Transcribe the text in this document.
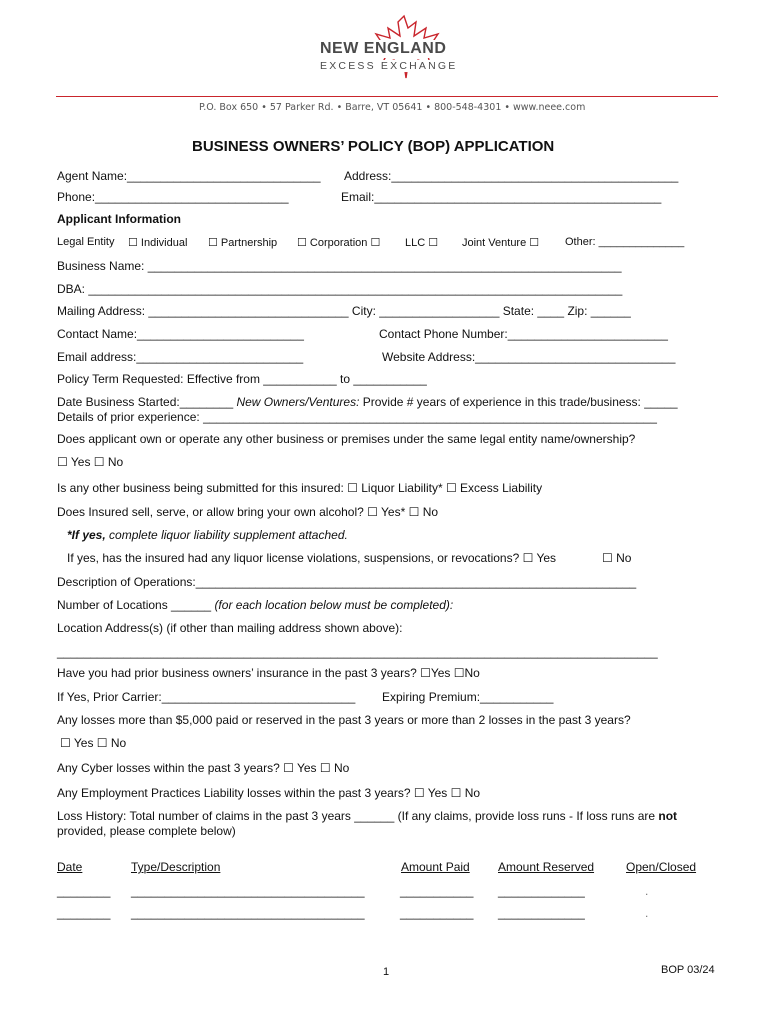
NEW ENGLAND
EXCESS EXCHANGE
P.O. Box 650 • 57 Parker Rd. • Barre, VT 05641 • 800-548-4301 • www.neee.com
BUSINESS OWNERS’ POLICY (BOP) APPLICATION
Agent Name:_____________________________ Address:___________________________________________
Phone:_____________________________	Email:___________________________________________
Applicant Information
Legal Entity ☐ Individual ☐ Partnership ☐ Corporation ☐ LLC ☐ Joint Venture ☐ Other: ______________
Business Name: _______________________________________________________________________
DBA: ________________________________________________________________________________
Mailing Address: ______________________________ City: __________________ State: ____ Zip: ______
Contact Name:_________________________	Contact Phone Number:________________________
Email address:_________________________	Website Address:______________________________
Policy Term Requested: Effective from ___________ to ___________
Date Business Started:________ New Owners/Ventures: Provide # years of experience in this trade/business: _____
Details of prior experience: ____________________________________________________________________
Does applicant own or operate any other business or premises under the same legal entity name/ownership?
☐ Yes ☐ No
Is any other business being submitted for this insured: ☐ Liquor Liability* ☐ Excess Liability
Does Insured sell, serve, or allow bring your own alcohol? ☐ Yes* ☐ No
*If yes, complete liquor liability supplement attached.
If yes, has the insured had any liquor license violations, suspensions, or revocations? ☐ Yes	☐ No
Description of Operations:__________________________________________________________________
Number of Locations ______ (for each location below must be completed):
Location Address(s) (if other than mailing address shown above):
__________________________________________________________________________________________
Have you had prior business owners’ insurance in the past 3 years? ☐Yes ☐No
If Yes, Prior Carrier:_____________________________ Expiring Premium:___________
Any losses more than $5,000 paid or reserved in the past 3 years or more than 2 losses in the past 3 years?
☐ Yes ☐ No
Any Cyber losses within the past 3 years? ☐ Yes ☐ No
Any Employment Practices Liability losses within the past 3 years? ☐ Yes ☐ No
Loss History: Total number of claims in the past 3 years ______ (If any claims, provide loss runs - If loss runs are not
provided, please complete below)
Date	Type/Description	Amount Paid Amount Reserved	Open/Closed
________ ___________________________________	___________ _____________	.
________ ___________________________________	___________ _____________	.
1	BOP 03/24
